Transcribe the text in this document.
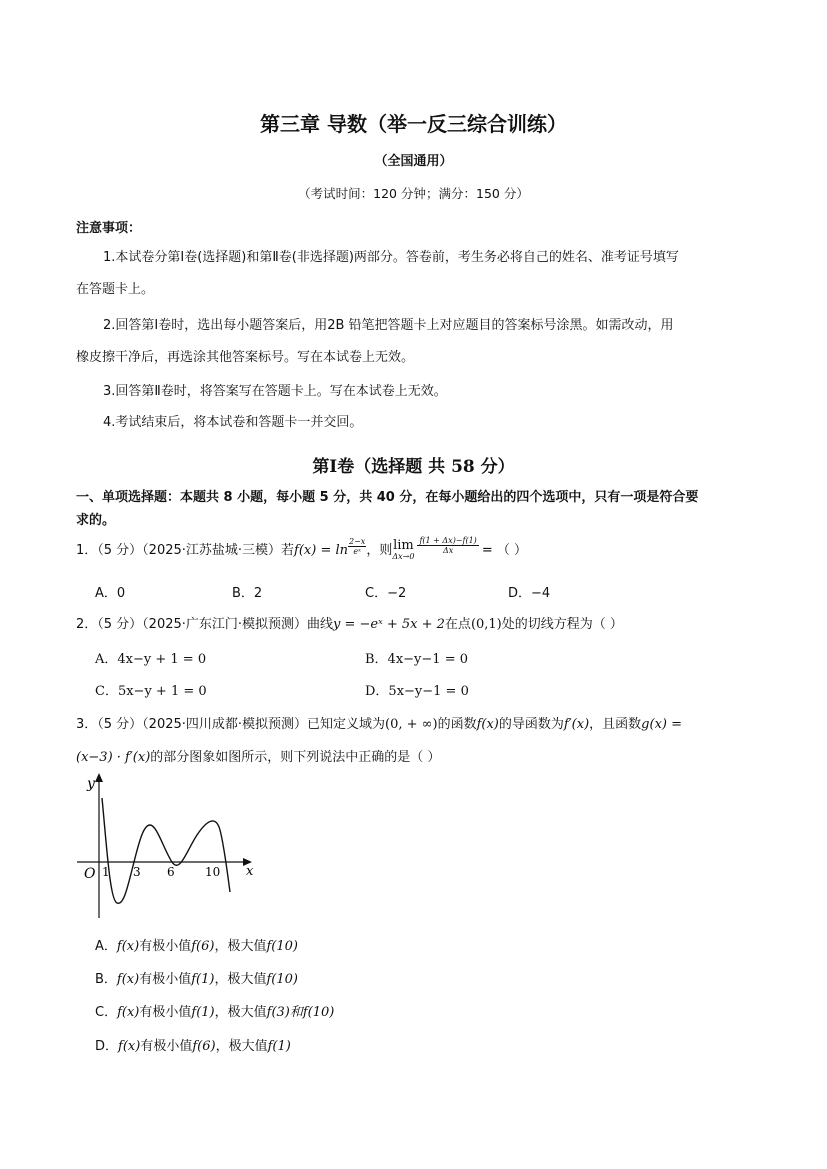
第三章 导数（举一反三综合训练）
（全国通用）
（考试时间：120 分钟；满分：150 分）
注意事项：
1.本试卷分第Ⅰ卷(选择题)和第Ⅱ卷(非选择题)两部分。答卷前，考生务必将自己的姓名、准考证号填写
在答题卡上。
2.回答第Ⅰ卷时，选出每小题答案后，用2B 铅笔把答题卡上对应题目的答案标号涂黑。如需改动，用
橡皮擦干净后，再选涂其他答案标号。写在本试卷上无效。
3.回答第Ⅱ卷时，将答案写在答题卡上。写在本试卷上无效。
4.考试结束后，将本试卷和答题卡一并交回。
第Ⅰ卷（选择题 共 58 分）
一、单项选择题：本题共 8 小题，每小题 5 分，共 40 分，在每小题给出的四个选项中，只有一项是符合要
求的。
1．（5 分）（2025·江苏盐城·三模）若$f(x) = \ln \frac{2-x}{\text{eˣ}}$ ，则 lim
Δx→0
$\frac{f(1 + \Delta x)-f(1)}{\Delta x}$ = （ ）
A．0	B．2	C．−2	D．−4
2．（5 分）（2025·广东江门·模拟预测）曲线y = −eˣ + 5x + 2在点(0,1)处的切线方程为（ ）
A．4x−y + 1 = 0	B．4x−y−1 = 0
C．5x−y + 1 = 0	D．5x−y−1 = 0
3．（5 分）（2025·四川成都·模拟预测）已知定义域为(0, + ∞)的函数f(x)的导函数为f′(x)，且函数g(x) =
(x−3) · f′(x)的部分图象如图所示，则下列说法中正确的是（ ）
y
x
O 1 3 6	10
A．f(x)有极小值f(6)，极大值f(10)
B．f(x)有极小值f(1)，极大值f(10)
C．f(x)有极小值f(1)，极大值f(3)和f(10)
D．f(x)有极小值f(6)，极大值f(1)
